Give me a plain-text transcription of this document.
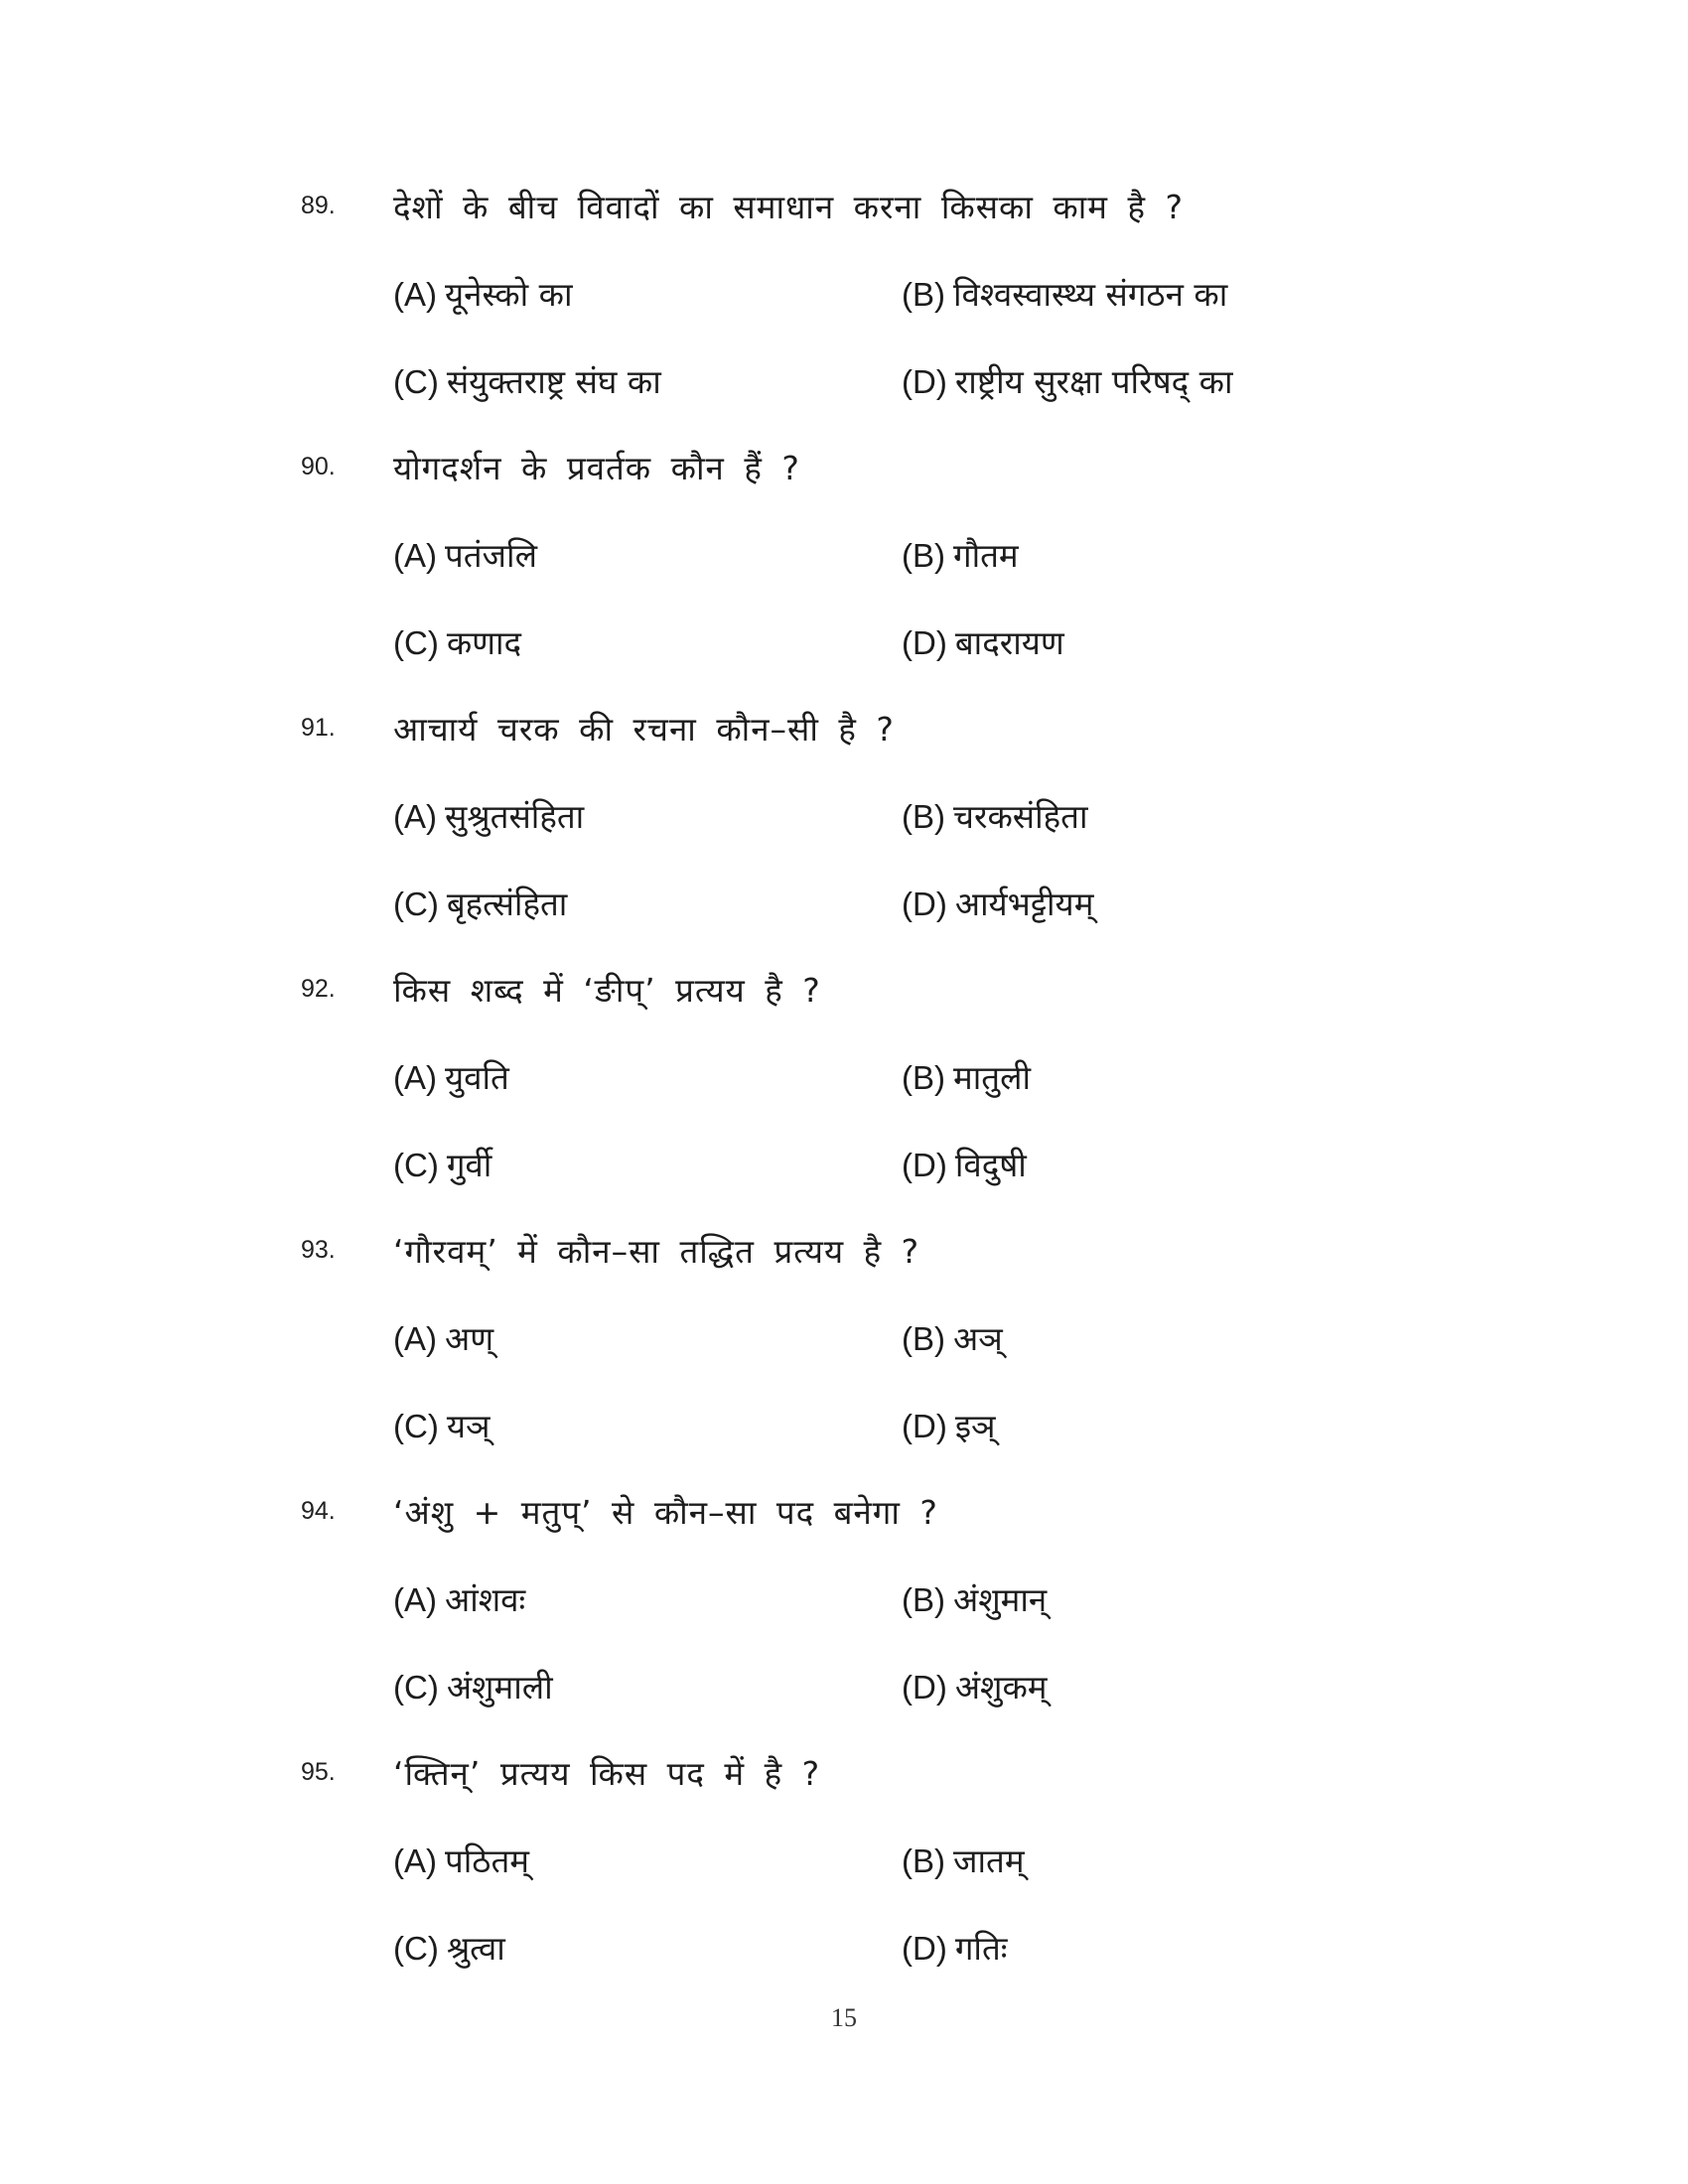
89. देशों के बीच विवादों का समाधान करना किसका काम है ?
(A) यूनेस्को का	(B) विश्वस्वास्थ्य संगठन का
(C) संयुक्तराष्ट्र संघ का	(D) राष्ट्रीय सुरक्षा परिषद् का
90. योगदर्शन के प्रवर्तक कौन हैं ?
(A) पतंजलि	(B) गौतम
(C) कणाद	(D) बादरायण
91. आचार्य चरक की रचना कौन–सी है ?
(A) सुश्रुतसंहिता	(B) चरकसंहिता
(C) बृहत्संहिता	(D) आर्यभट्टीयम्
92. किस शब्द में ‘ङीप्’ प्रत्यय है ?
(A) युवति	(B) मातुली
(C) गुर्वी	(D) विदुषी
93. ‘गौरवम्’ में कौन–सा तद्धित प्रत्यय है ?
(A) अण्	(B) अञ्
(C) यञ्	(D) इञ्
94. ‘अंशु + मतुप्’ से कौन–सा पद बनेगा ?
(A) आंशवः	(B) अंशुमान्
(C) अंशुमाली	(D) अंशुकम्
95. ‘क्तिन्’ प्रत्यय किस पद में है ?
(A) पठितम्	(B) जातम्
(C) श्रुत्वा	(D) गतिः
15
